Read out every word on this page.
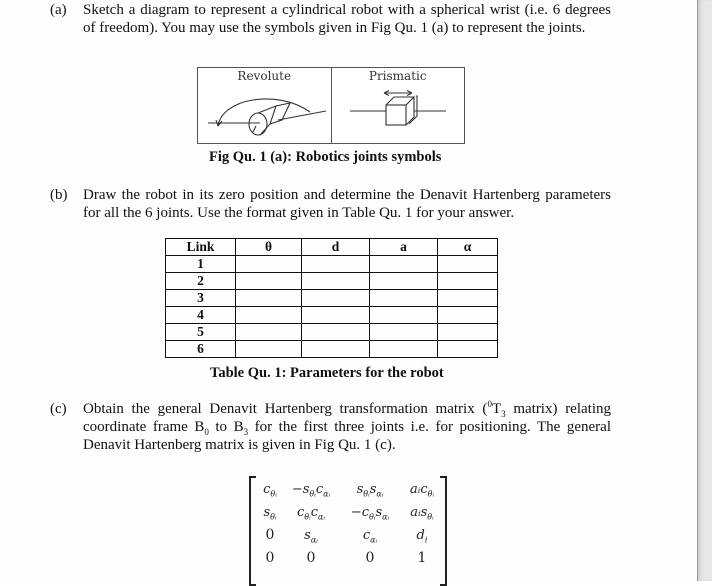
(a) Sketch a diagram to represent a cylindrical robot with a spherical wrist (i.e. 6 degrees of freedom). You may use the symbols given in Fig Qu. 1 (a) to represent the joints.
Revolute	Prismatic
Fig Qu. 1 (a): Robotics joints symbols
(b) Draw the robot in its zero position and determine the Denavit Hartenberg parameters for all the 6 joints. Use the format given in Table Qu. 1 for your answer.
Link	θ	d	a	α
1				
2				
3				
4				
5				
6				
Table Qu. 1: Parameters for the robot
(c) Obtain the general Denavit Hartenberg transformation matrix ($^0T_3$ matrix) relating coordinate frame $B_0$ to $B_3$ for the first three joints i.e. for positioning. The general Denavit Hartenberg matrix is given in Fig Qu. 1 (c).
$c_{\theta ᵢ}$	$-s_{\theta ᵢ}c_{\alpha ᵢ}$	$s_{\theta ᵢ}s_{\alpha ᵢ}$	aᵢc$_{\theta ᵢ}$
$s_{\theta ᵢ}$	$c_{\theta ᵢ}c_{\alpha ᵢ}$	$-c_{\theta ᵢ}s_{\alpha ᵢ}$	aᵢs$_{\theta ᵢ}$
0	$s_{\alpha ᵢ}$	$c_{\alpha ᵢ}$	$d_i$
0	0	0	1
